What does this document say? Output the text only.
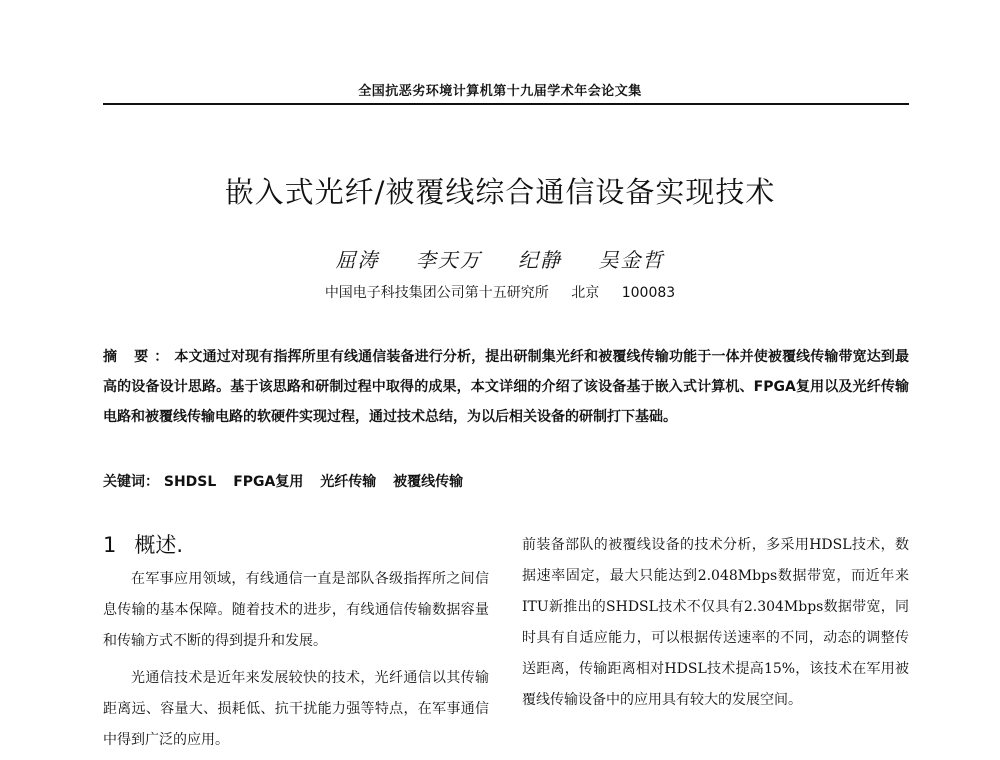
全国抗恶劣环境计算机第十九届学术年会论文集
嵌入式光纤/被覆线综合通信设备实现技术
屈涛 李天万 纪静 吴金哲
中国电子科技集团公司第十五研究所 北京 100083
摘 要：本文通过对现有指挥所里有线通信装备进行分析，提出研制集光纤和被覆线传输功能于一体并使被覆线传输带宽达到最高的设备设计思路。基于该思路和研制过程中取得的成果，本文详细的介绍了该设备基于嵌入式计算机、FPGA复用以及光纤传输电路和被覆线传输电路的软硬件实现过程，通过技术总结，为以后相关设备的研制打下基础。
关键词： SHDSL FPGA复用 光纤传输 被覆线传输
1 概述.

在军事应用领域，有线通信一直是部队各级指挥所之间信息传输的基本保障。随着技术的进步，有线通信传输数据容量和传输方式不断的得到提升和发展。

光通信技术是近年来发展较快的技术，光纤通信以其传输距离远、容量大、损耗低、抗干扰能力强等特点，在军事通信中得到广泛的应用。

前装备部队的被覆线设备的技术分析，多采用HDSL技术，数据速率固定，最大只能达到2.048Mbps数据带宽，而近年来ITU新推出的SHDSL技术不仅具有2.304Mbps数据带宽，同时具有自适应能力，可以根据传送速率的不同，动态的调整传送距离，传输距离相对HDSL技术提高15%，该技术在军用被覆线传输设备中的应用具有较大的发展空间。
